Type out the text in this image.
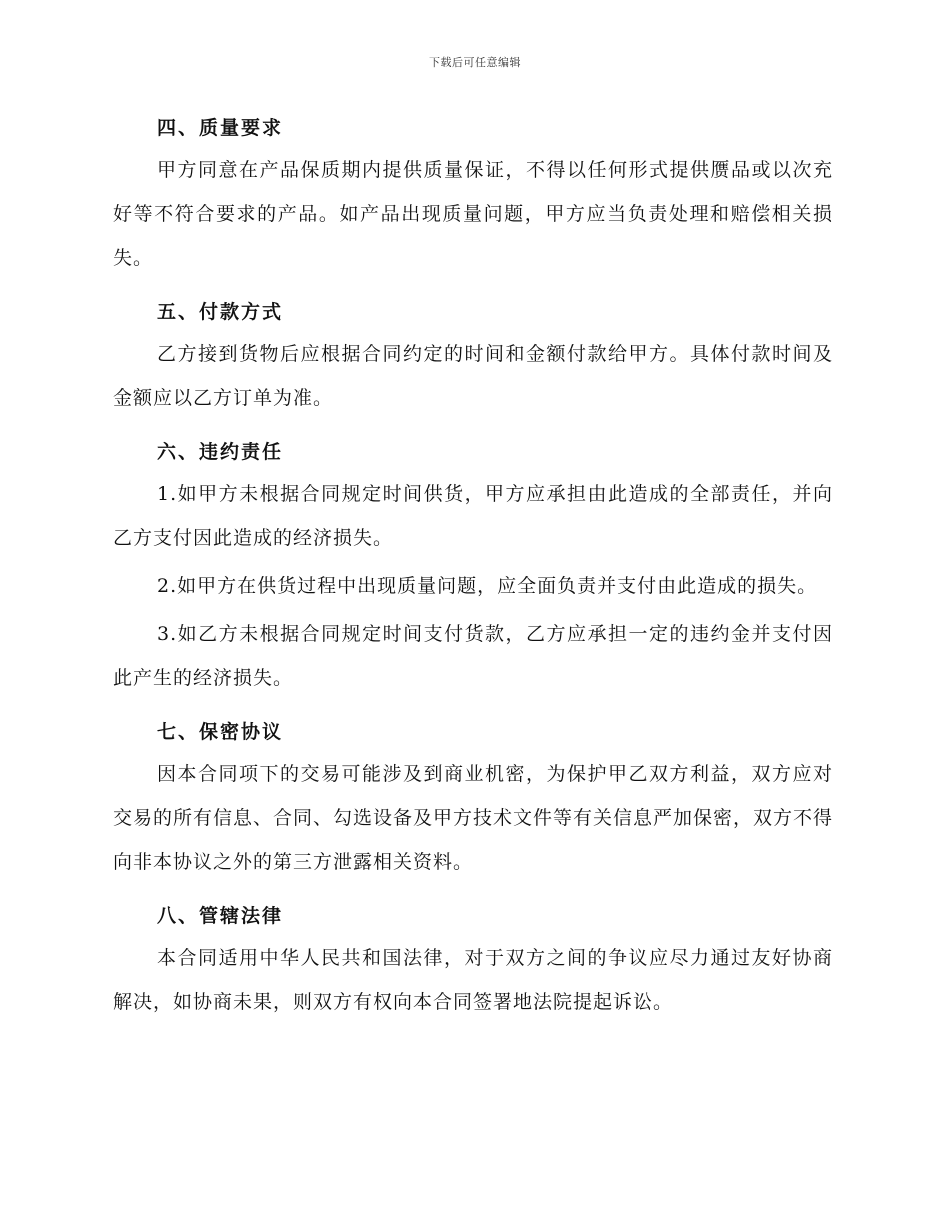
下载后可任意编辑
四、质量要求

甲方同意在产品保质期内提供质量保证，不得以任何形式提供赝品或以次充好等不符合要求的产品。如产品出现质量问题，甲方应当负责处理和赔偿相关损失。

五、付款方式

乙方接到货物后应根据合同约定的时间和金额付款给甲方。具体付款时间及金额应以乙方订单为准。

六、违约责任

1.如甲方未根据合同规定时间供货，甲方应承担由此造成的全部责任，并向乙方支付因此造成的经济损失。

2.如甲方在供货过程中出现质量问题，应全面负责并支付由此造成的损失。

3.如乙方未根据合同规定时间支付货款，乙方应承担一定的违约金并支付因此产生的经济损失。

七、保密协议

因本合同项下的交易可能涉及到商业机密，为保护甲乙双方利益，双方应对交易的所有信息、合同、勾选设备及甲方技术文件等有关信息严加保密，双方不得向非本协议之外的第三方泄露相关资料。

八、管辖法律

本合同适用中华人民共和国法律，对于双方之间的争议应尽力通过友好协商解决，如协商未果，则双方有权向本合同签署地法院提起诉讼。
